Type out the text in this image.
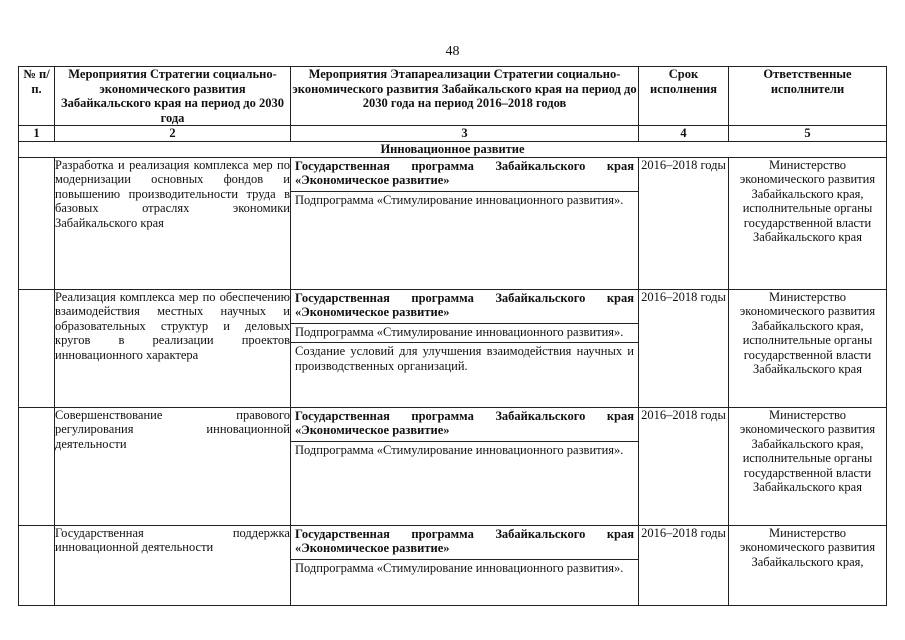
48
№ п/п.	Мероприятия Стратегии социально-экономического развития Забайкальского края на период до 2030 года	Мероприятия Этапареализации Стратегии социально-экономического развития Забайкальского края на период до 2030 года на период 2016–2018 годов	Срок исполнения	Ответственные исполнители
1	2	3	4	5
Инновационное развитие				
	Разработка и реализация комплекса мер по модернизации основных фондов и повышению производительности труда в базовых отраслях экономики Забайкальского края	Государственная программа Забайкальского края «Экономическое развитие»
Подпрограмма «Стимулирование инновационного развития».	2016–2018 годы	Министерство экономического развития Забайкальского края, исполнительные органы государственной власти Забайкальского края
	Реализация комплекса мер по обеспечению взаимодействия местных научных и образовательных структур и деловых кругов в реализации проектов инновационного характера	Государственная программа Забайкальского края «Экономическое развитие»
Подпрограмма «Стимулирование инновационного развития».
Создание условий для улучшения взаимодействия научных и производственных организаций.	2016–2018 годы	Министерство экономического развития Забайкальского края, исполнительные органы государственной власти Забайкальского края
	Совершенствование правового регулирования инновационной деятельности	Государственная программа Забайкальского края «Экономическое развитие»
Подпрограмма «Стимулирование инновационного развития».	2016–2018 годы	Министерство экономического развития Забайкальского края, исполнительные органы государственной власти Забайкальского края
	Государственная поддержка инновационной деятельности	Государственная программа Забайкальского края «Экономическое развитие»
Подпрограмма «Стимулирование инновационного развития».	2016–2018 годы	Министерство экономического развития Забайкальского края,
